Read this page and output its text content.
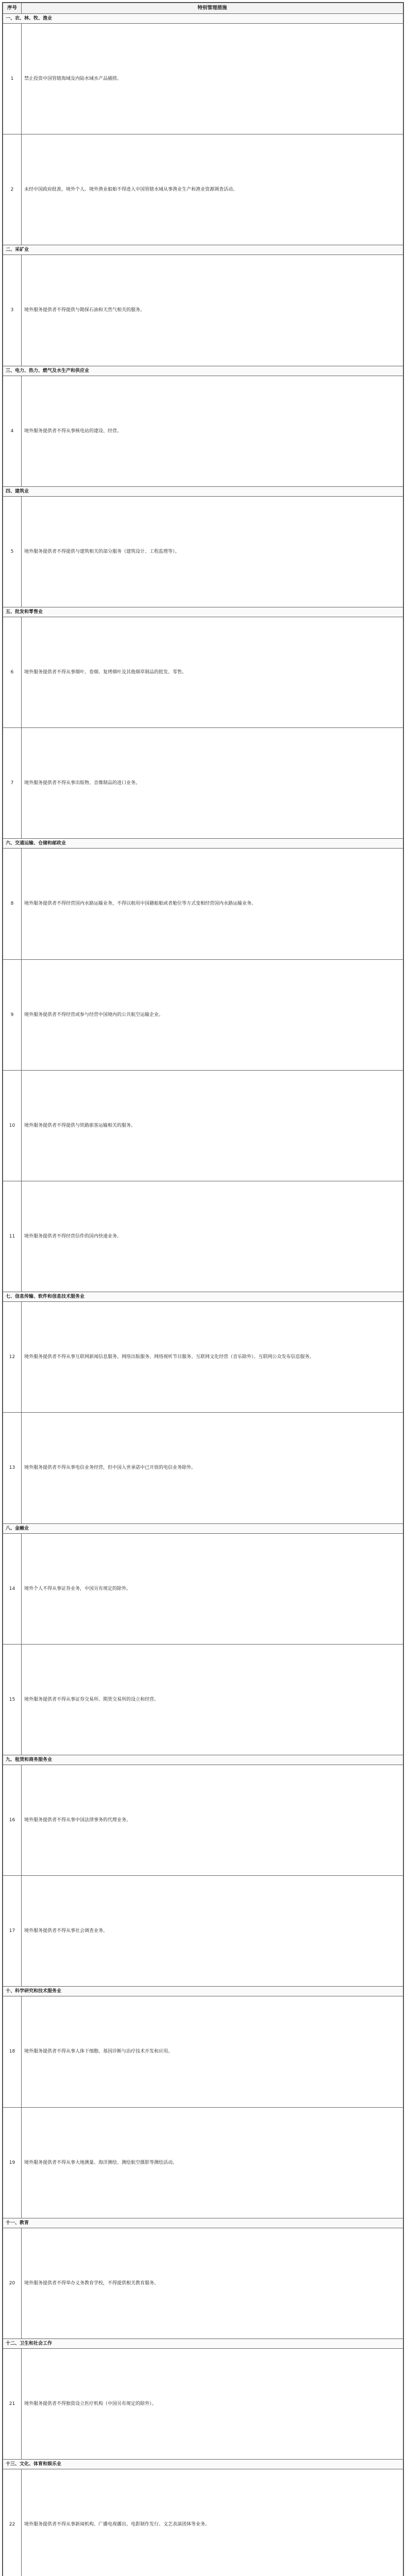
序号	特别管理措施
一、农、林、牧、渔业	
1	禁止投资中国管辖海域及内陆水域水产品捕捞。
2	未经中国政府批准，境外个人、境外渔业船舶不得进入中国管辖水域从事渔业生产和渔业资源调查活动。
二、采矿业	
3	境外服务提供者不得提供与勘探石油和天然气相关的服务。
三、电力、热力、燃气及水生产和供应业	
4	境外服务提供者不得从事核电站的建设、经营。
四、建筑业	
5	境外服务提供者不得提供与建筑相关的部分服务（建筑设计、工程监理等）。
五、批发和零售业	
6	境外服务提供者不得从事烟叶、卷烟、复烤烟叶及其他烟草制品的批发、零售。
7	境外服务提供者不得从事出版物、音像制品的进口业务。
六、交通运输、仓储和邮政业	
8	境外服务提供者不得经营国内水路运输业务，不得以租用中国籍船舶或者舱位等方式变相经营国内水路运输业务。
9	境外服务提供者不得经营或参与经营中国境内的公共航空运输企业。
10	境外服务提供者不得提供与铁路旅客运输相关的服务。
11	境外服务提供者不得经营信件的国内快递业务。
七、信息传输、软件和信息技术服务业	
12	境外服务提供者不得从事互联网新闻信息服务、网络出版服务、网络视听节目服务、互联网文化经营（音乐除外）、互联网公众发布信息服务。
13	境外服务提供者不得从事电信业务经营，但中国入世承诺中已开放的电信业务除外。
八、金融业	
14	境外个人不得从事证券业务，中国另有规定的除外。
15	境外服务提供者不得从事证券交易所、期货交易所的设立和经营。
九、租赁和商务服务业	
16	境外服务提供者不得从事中国法律事务的代理业务。
17	境外服务提供者不得从事社会调查业务。
十、科学研究和技术服务业	
18	境外服务提供者不得从事人体干细胞、基因诊断与治疗技术开发和应用。
19	境外服务提供者不得从事大地测量、海洋测绘、测绘航空摄影等测绘活动。
十一、教育	
20	境外服务提供者不得举办义务教育学校，不得提供相关教育服务。
十二、卫生和社会工作	
21	境外服务提供者不得独资设立医疗机构（中国另有规定的除外）。
十三、文化、体育和娱乐业	
22	境外服务提供者不得从事新闻机构、广播电视播出、电影制作发行、文艺表演团体等业务。
